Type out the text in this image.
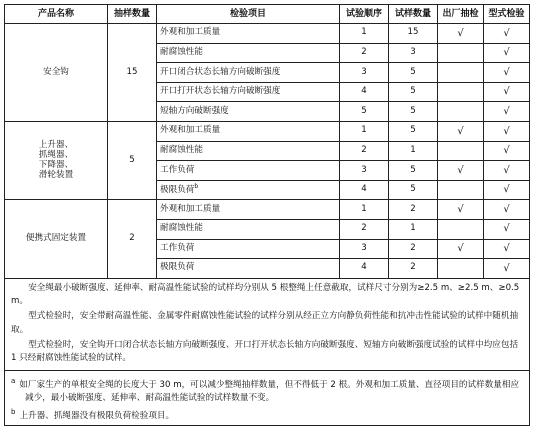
产品名称	抽样数量	检验项目	试验顺序	试样数量	出厂抽检	型式检验
安全钩	15	外观和加工质量	1	15	√	√
		耐腐蚀性能	2	3		√
		开口闭合状态长轴方向破断强度	3	5		√
		开口打开状态长轴方向破断强度	4	5		√
		短轴方向破断强度	5	5		√

上升器、
抓绳器、
下降器、
滑轮装置	5	外观和加工质量	1	5	√	√
		耐腐蚀性能	2	1		√
		工作负荷	3	5	√	√
		极限负荷$^b$	4	5		√
便携式固定装置	2	外观和加工质量	1	2	√	√
		耐腐蚀性能	2	1		√
		工作负荷	3	2	√	√
		极限负荷	4	2		√

安全绳最小破断强度、延伸率、耐高温性能试验的试样均分别从 5 根整绳上任意截取，试样尺寸分别为≥2.5 m、≥2.5 m、≥0.5 m。

型式检验时，安全带耐高温性能、金属零件耐腐蚀性能试验的试样分别从经正立方向静负荷性能和抗冲击性能试验的试样中随机抽取。

型式检验时，安全钩开口闭合状态长轴方向破断强度、开口打开状态长轴方向破断强度、短轴方向破断强度试验的试样中均应包括 1 只经耐腐蚀性能试验的试样。						

$^a$ 如厂家生产的单根安全绳的长度大于 30 m，可以减少整绳抽样数量，但不得低于 2 根。外观和加工质量、直径项目的试样数量相应减少，最小破断强度、延伸率、耐高温性能试验的试样数量不变。

$^b$ 上升器、抓绳器没有极限负荷检验项目。						
